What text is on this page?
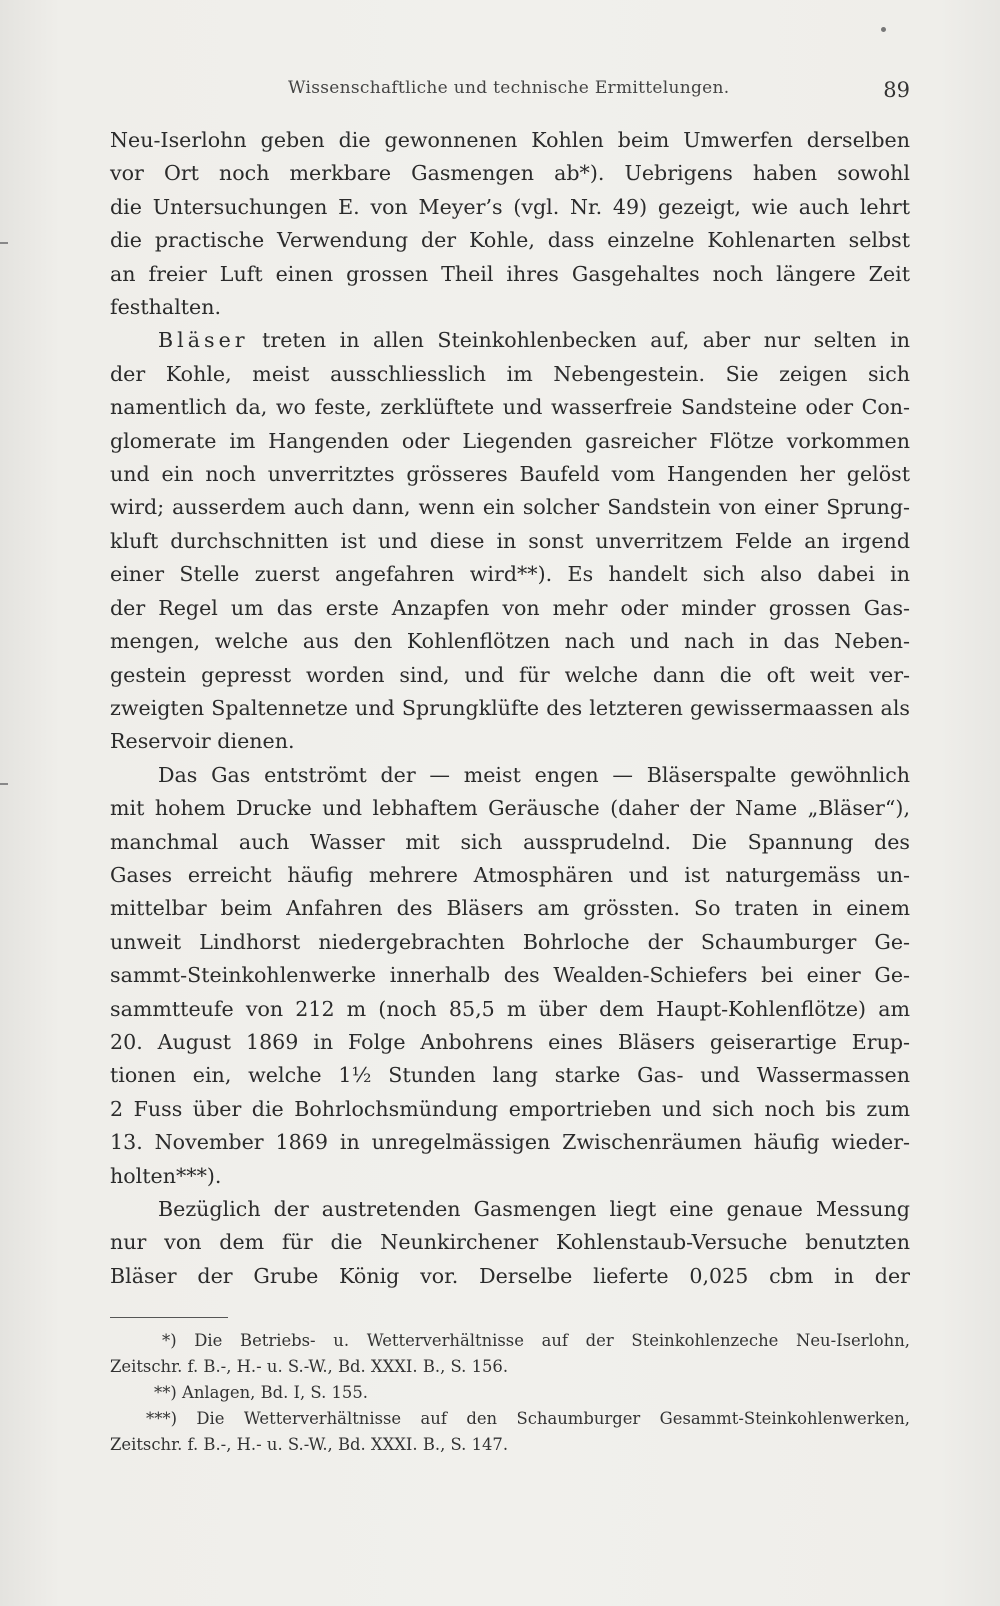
Wissenschaftliche und technische Ermittelungen.	89

Neu-Iserlohn geben die gewonnenen Kohlen beim Umwerfen derselben
vor Ort noch merkbare Gasmengen ab*). Uebrigens haben sowohl
die Untersuchungen E. von Meyer’s (vgl. Nr. 49) gezeigt, wie auch lehrt
die practische Verwendung der Kohle, dass einzelne Kohlenarten selbst
an freier Luft einen grossen Theil ihres Gasgehaltes noch längere Zeit
festhalten.

Bläser treten in allen Steinkohlenbecken auf, aber nur selten in
der Kohle, meist ausschliesslich im Nebengestein. Sie zeigen sich
namentlich da, wo feste, zerklüftete und wasserfreie Sandsteine oder Con-
glomerate im Hangenden oder Liegenden gasreicher Flötze vorkommen
und ein noch unverritztes grösseres Baufeld vom Hangenden her gelöst
wird; ausserdem auch dann, wenn ein solcher Sandstein von einer Sprung-
kluft durchschnitten ist und diese in sonst unverritzem Felde an irgend
einer Stelle zuerst angefahren wird**). Es handelt sich also dabei in
der Regel um das erste Anzapfen von mehr oder minder grossen Gas-
mengen, welche aus den Kohlenflötzen nach und nach in das Neben-
gestein gepresst worden sind, und für welche dann die oft weit ver-
zweigten Spaltennetze und Sprungklüfte des letzteren gewissermaassen als
Reservoir dienen.

Das Gas entströmt der — meist engen — Bläserspalte gewöhnlich
mit hohem Drucke und lebhaftem Geräusche (daher der Name „Bläser“),
manchmal auch Wasser mit sich aussprudelnd. Die Spannung des
Gases erreicht häufig mehrere Atmosphären und ist naturgemäss un-
mittelbar beim Anfahren des Bläsers am grössten. So traten in einem
unweit Lindhorst niedergebrachten Bohrloche der Schaumburger Ge-
sammt-Steinkohlenwerke innerhalb des Wealden-Schiefers bei einer Ge-
sammtteufe von 212 m (noch 85,5 m über dem Haupt-Kohlenflötze) am
20. August 1869 in Folge Anbohrens eines Bläsers geiserartige Erup-
tionen ein, welche 1½ Stunden lang starke Gas- und Wassermassen
2 Fuss über die Bohrlochsmündung emportrieben und sich noch bis zum
13. November 1869 in unregelmässigen Zwischenräumen häufig wieder-
holten***).

Bezüglich der austretenden Gasmengen liegt eine genaue Messung
nur von dem für die Neunkirchener Kohlenstaub-Versuche benutzten
Bläser der Grube König vor. Derselbe lieferte 0,025 cbm in der

*) Die Betriebs- u. Wetterverhältnisse auf der Steinkohlenzeche Neu-Iserlohn,
Zeitschr. f. B.-, H.- u. S.-W., Bd. XXXI. B., S. 156.

**) Anlagen, Bd. I, S. 155.

***) Die Wetterverhältnisse auf den Schaumburger Gesammt-Steinkohlenwerken,
Zeitschr. f. B.-, H.- u. S.-W., Bd. XXXI. B., S. 147.
